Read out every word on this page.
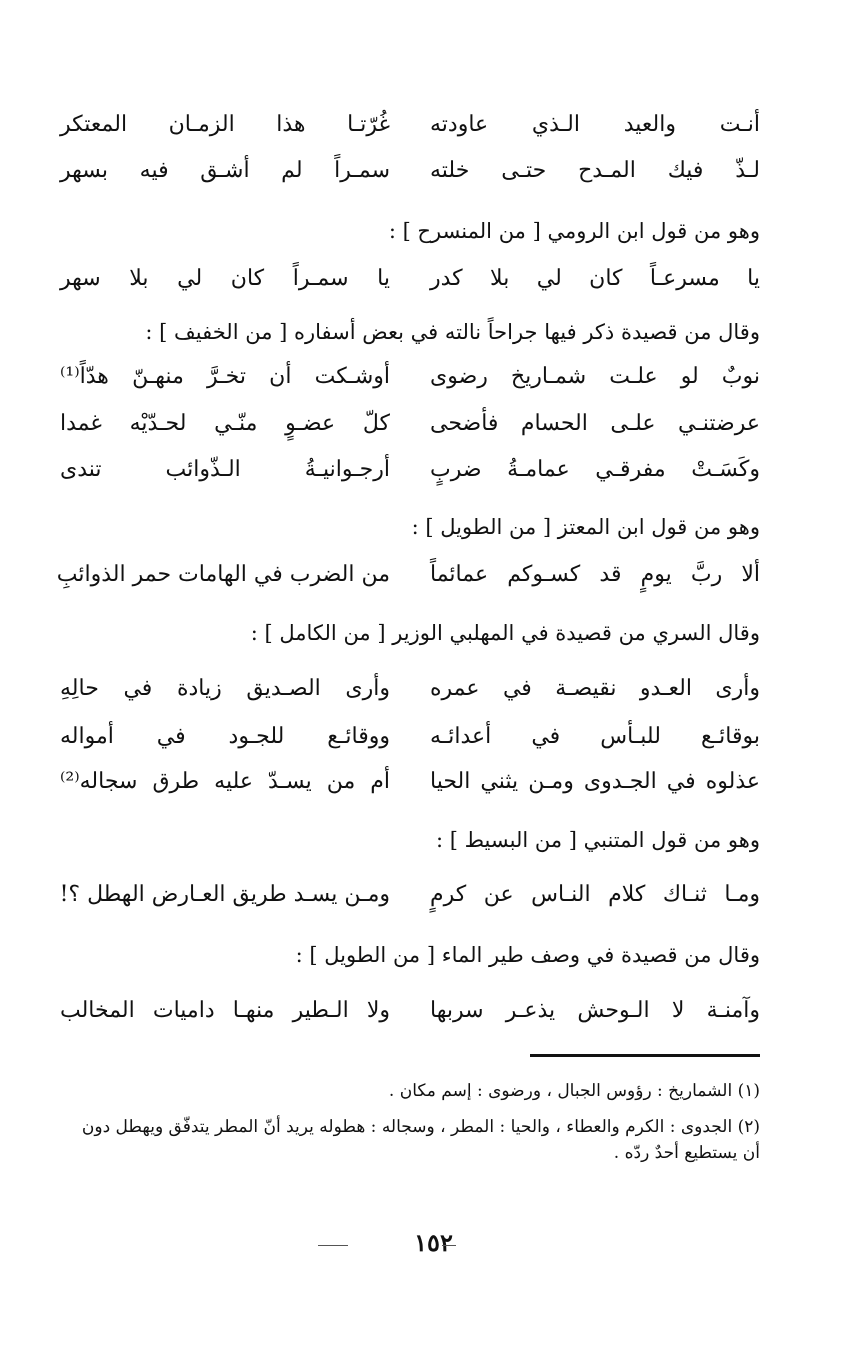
أنـت والعيد الـذي عاودته
غُرّتـا هذا الزمـان المعتكر
لـذّ فيك المـدح حتـى خلته
سمـراً لم أشـق فيه بسهر
وهو من قول ابن الرومي [ من المنسرح ] :
يا مسرعـاً كان لي بلا كدر
يا سمـراً كان لي بلا سهر
وقال من قصيدة ذكر فيها جراحاً نالته في بعض أسفاره [ من الخفيف ] :
نوبٌ لو علـت شمـاريخ رضوى
أوشـكت أن تخـرَّ منهـنّ هدّاً⁽¹⁾
عرضتنـي علـى الحسام فأضحى
كلّ عضـوٍ منّـي لحـدّيْه غمدا
وكَسَـتْ مفرقـي عمامـةُ ضربٍ
أرجـوانيـةُ الـذّوائب تندى
وهو من قول ابن المعتز [ من الطويل ] :
ألا ربَّ يومٍ قد كسـوكم عمائماً
من الضرب في الهامات حمر الذوائبِ
وقال السري من قصيدة في المهلبي الوزير [ من الكامل ] :
وأرى العـدو نقيصـة في عمره
وأرى الصـديق زيادة في حالِهِ
بوقائـع للبـأس في أعدائـه
ووقائـع للجـود في أمواله
عذلوه في الجـدوى ومـن يثني الحيا
أم من يسـدّ عليه طرق سجاله⁽²⁾
وهو من قول المتنبي [ من البسيط ] :
ومـا ثنـاك كلام النـاس عن كرمٍ
ومـن يسـد طريق العـارض الهطل ؟!
وقال من قصيدة في وصف طير الماء [ من الطويل ] :
وآمنـة لا الـوحش يذعـر سربها
ولا الـطير منهـا داميات المخالب
(١) الشماريخ : رؤوس الجبال ، ورضوى : إسم مكان .
(٢) الجدوى : الكرم والعطاء ، والحيا : المطر ، وسجاله : هطوله يريد أنّ المطر يتدفّق ويهطل دون أن يستطيع أحدٌ ردّه .
١٥٢
